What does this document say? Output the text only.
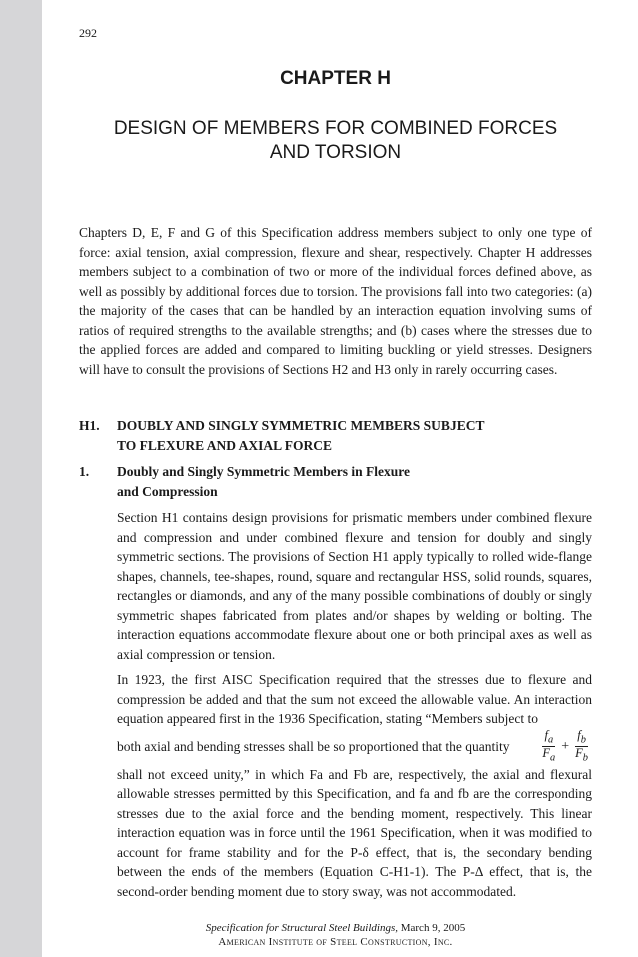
292
CHAPTER H
DESIGN OF MEMBERS FOR COMBINED FORCES
AND TORSION
Chapters D, E, F and G of this Specification address members subject to only one type of force: axial tension, axial compression, flexure and shear, respectively. Chapter H addresses members subject to a combination of two or more of the individual forces defined above, as well as possibly by additional forces due to torsion. The provisions fall into two categories: (a) the majority of the cases that can be handled by an interaction equation involving sums of ratios of required strengths to the available strengths; and (b) cases where the stresses due to the applied forces are added and compared to limiting buckling or yield stresses. Designers will have to consult the provisions of Sections H2 and H3 only in rarely occurring cases.
H1. DOUBLY AND SINGLY SYMMETRIC MEMBERS SUBJECT
TO FLEXURE AND AXIAL FORCE
1. Doubly and Singly Symmetric Members in Flexure
and Compression
Section H1 contains design provisions for prismatic members under combined flexure and compression and under combined flexure and tension for doubly and singly symmetric sections. The provisions of Section H1 apply typically to rolled wide-flange shapes, channels, tee-shapes, round, square and rectangular HSS, solid rounds, squares, rectangles or diamonds, and any of the many possible combinations of doubly or singly symmetric shapes fabricated from plates and/or shapes by welding or bolting. The interaction equations accommodate flexure about one or both principal axes as well as axial compression or tension.
In 1923, the first AISC Specification required that the stresses due to flexure and compression be added and that the sum not exceed the allowable value. An interaction equation appeared first in the 1936 Specification, stating “Members subject to
both axial and bending stresses shall be so proportioned that the quantity $\frac{f_a}{F_a} + \frac{f_b}{F_b}$
shall not exceed unity,” in which Fa and Fb are, respectively, the axial and flexural allowable stresses permitted by this Specification, and fa and fb are the corresponding stresses due to the axial force and the bending moment, respectively. This linear interaction equation was in force until the 1961 Specification, when it was modified to account for frame stability and for the P-δ effect, that is, the secondary bending between the ends of the members (Equation C-H1-1). The P-Δ effect, that is, the second-order bending moment due to story sway, was not accommodated.
Specification for Structural Steel Buildings, March 9, 2005
American Institute of Steel Construction, Inc.
